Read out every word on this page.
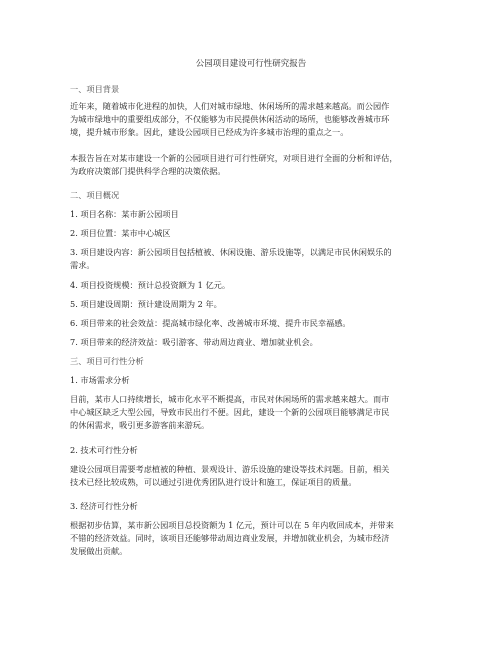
公园项目建设可行性研究报告
一、项目背景
近年来，随着城市化进程的加快，人们对城市绿地、休闲场所的需求越来越高。而公园作
为城市绿地中的重要组成部分，不仅能够为市民提供休闲活动的场所，也能够改善城市环
境，提升城市形象。因此，建设公园项目已经成为许多城市治理的重点之一。
本报告旨在对某市建设一个新的公园项目进行可行性研究，对项目进行全面的分析和评估，
为政府决策部门提供科学合理的决策依据。
二、项目概况
1. 项目名称：某市新公园项目
2. 项目位置：某市中心城区
3. 项目建设内容：新公园项目包括植被、休闲设施、游乐设施等，以满足市民休闲娱乐的
需求。
4. 项目投资规模：预计总投资额为 1 亿元。
5. 项目建设周期：预计建设周期为 2 年。
6. 项目带来的社会效益：提高城市绿化率、改善城市环境、提升市民幸福感。
7. 项目带来的经济效益：吸引游客、带动周边商业、增加就业机会。
三、项目可行性分析
1. 市场需求分析
目前，某市人口持续增长，城市化水平不断提高，市民对休闲场所的需求越来越大。而市
中心城区缺乏大型公园，导致市民出行不便。因此，建设一个新的公园项目能够满足市民
的休闲需求，吸引更多游客前来游玩。
2. 技术可行性分析
建设公园项目需要考虑植被的种植、景观设计、游乐设施的建设等技术问题。目前，相关
技术已经比较成熟，可以通过引进优秀团队进行设计和施工，保证项目的质量。
3. 经济可行性分析
根据初步估算，某市新公园项目总投资额为 1 亿元，预计可以在 5 年内收回成本，并带来
不错的经济效益。同时，该项目还能够带动周边商业发展，并增加就业机会，为城市经济
发展做出贡献。
